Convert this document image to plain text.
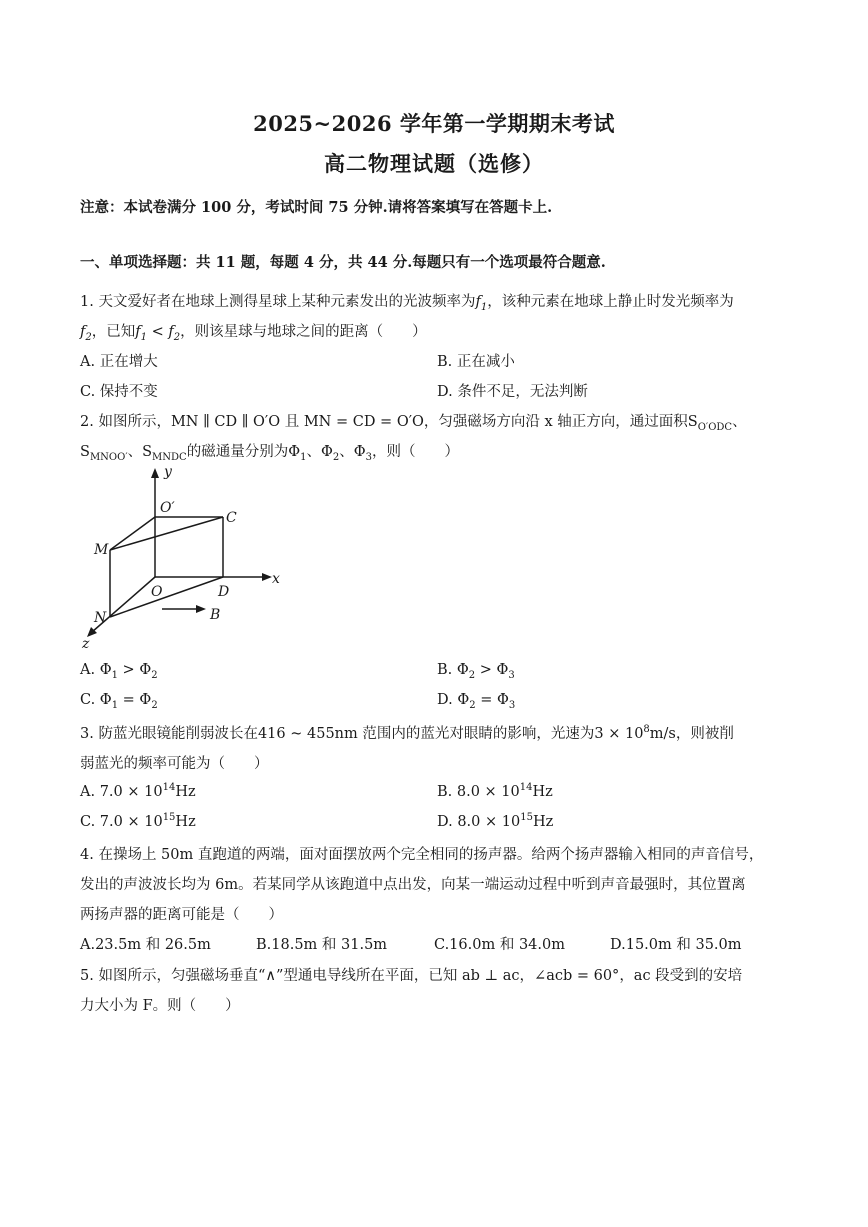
2025~2026 学年第一学期期末考试
高二物理试题（选修）
注意：本试卷满分 100 分，考试时间 75 分钟.请将答案填写在答题卡上.
一、单项选择题：共 11 题，每题 4 分，共 44 分.每题只有一个选项最符合题意.
1. 天文爱好者在地球上测得星球上某种元素发出的光波频率为$f_1$，该种元素在地球上静止时发光频率为
$f_2$，已知$f_1 < f_2$，则该星球与地球之间的距离（　　）
A. 正在增大	B. 正在减小
C. 保持不变	D. 条件不足，无法判断
2. 如图所示，MN ∥ CD ∥ O′O 且 MN = CD = O′O，匀强磁场方向沿 x 轴正方向，通过面积$S_{O'ODC}$、
$S_{MNOO'}$、$S_{MNDC}$的磁通量分别为$\Phi_1$、$\Phi_2$、$\Phi_3$，则（　　）
y
x
z
O′
C
M
O	D
N	B
A. $\Phi_1 > \Phi_2$	B. $\Phi_2 > \Phi_3$
C. $\Phi_1 = \Phi_2$	D. $\Phi_2 = \Phi_3$
3. 防蓝光眼镜能削弱波长在416 ~ 455nm 范围内的蓝光对眼睛的影响，光速为$3 \times 10^8m/s$，则被削
弱蓝光的频率可能为（　　）
A. $7.0 \times 10^{14}Hz$	B. $8.0 \times 10^{14}Hz$
C. $7.0 \times 10^{15}Hz$	D. $8.0 \times 10^{15}Hz$
4. 在操场上 50m 直跑道的两端，面对面摆放两个完全相同的扬声器。给两个扬声器输入相同的声音信号，
发出的声波波长均为 6m。若某同学从该跑道中点出发，向某一端运动过程中听到声音最强时，其位置离
两扬声器的距离可能是（　　）
A.23.5m 和 26.5m	B.18.5m 和 31.5m	C.16.0m 和 34.0m	D.15.0m 和 35.0m
5. 如图所示，匀强磁场垂直“∧”型通电导线所在平面，已知 ab ⊥ ac，∠acb = 60°，ac 段受到的安培
力大小为 F。则（　　）
